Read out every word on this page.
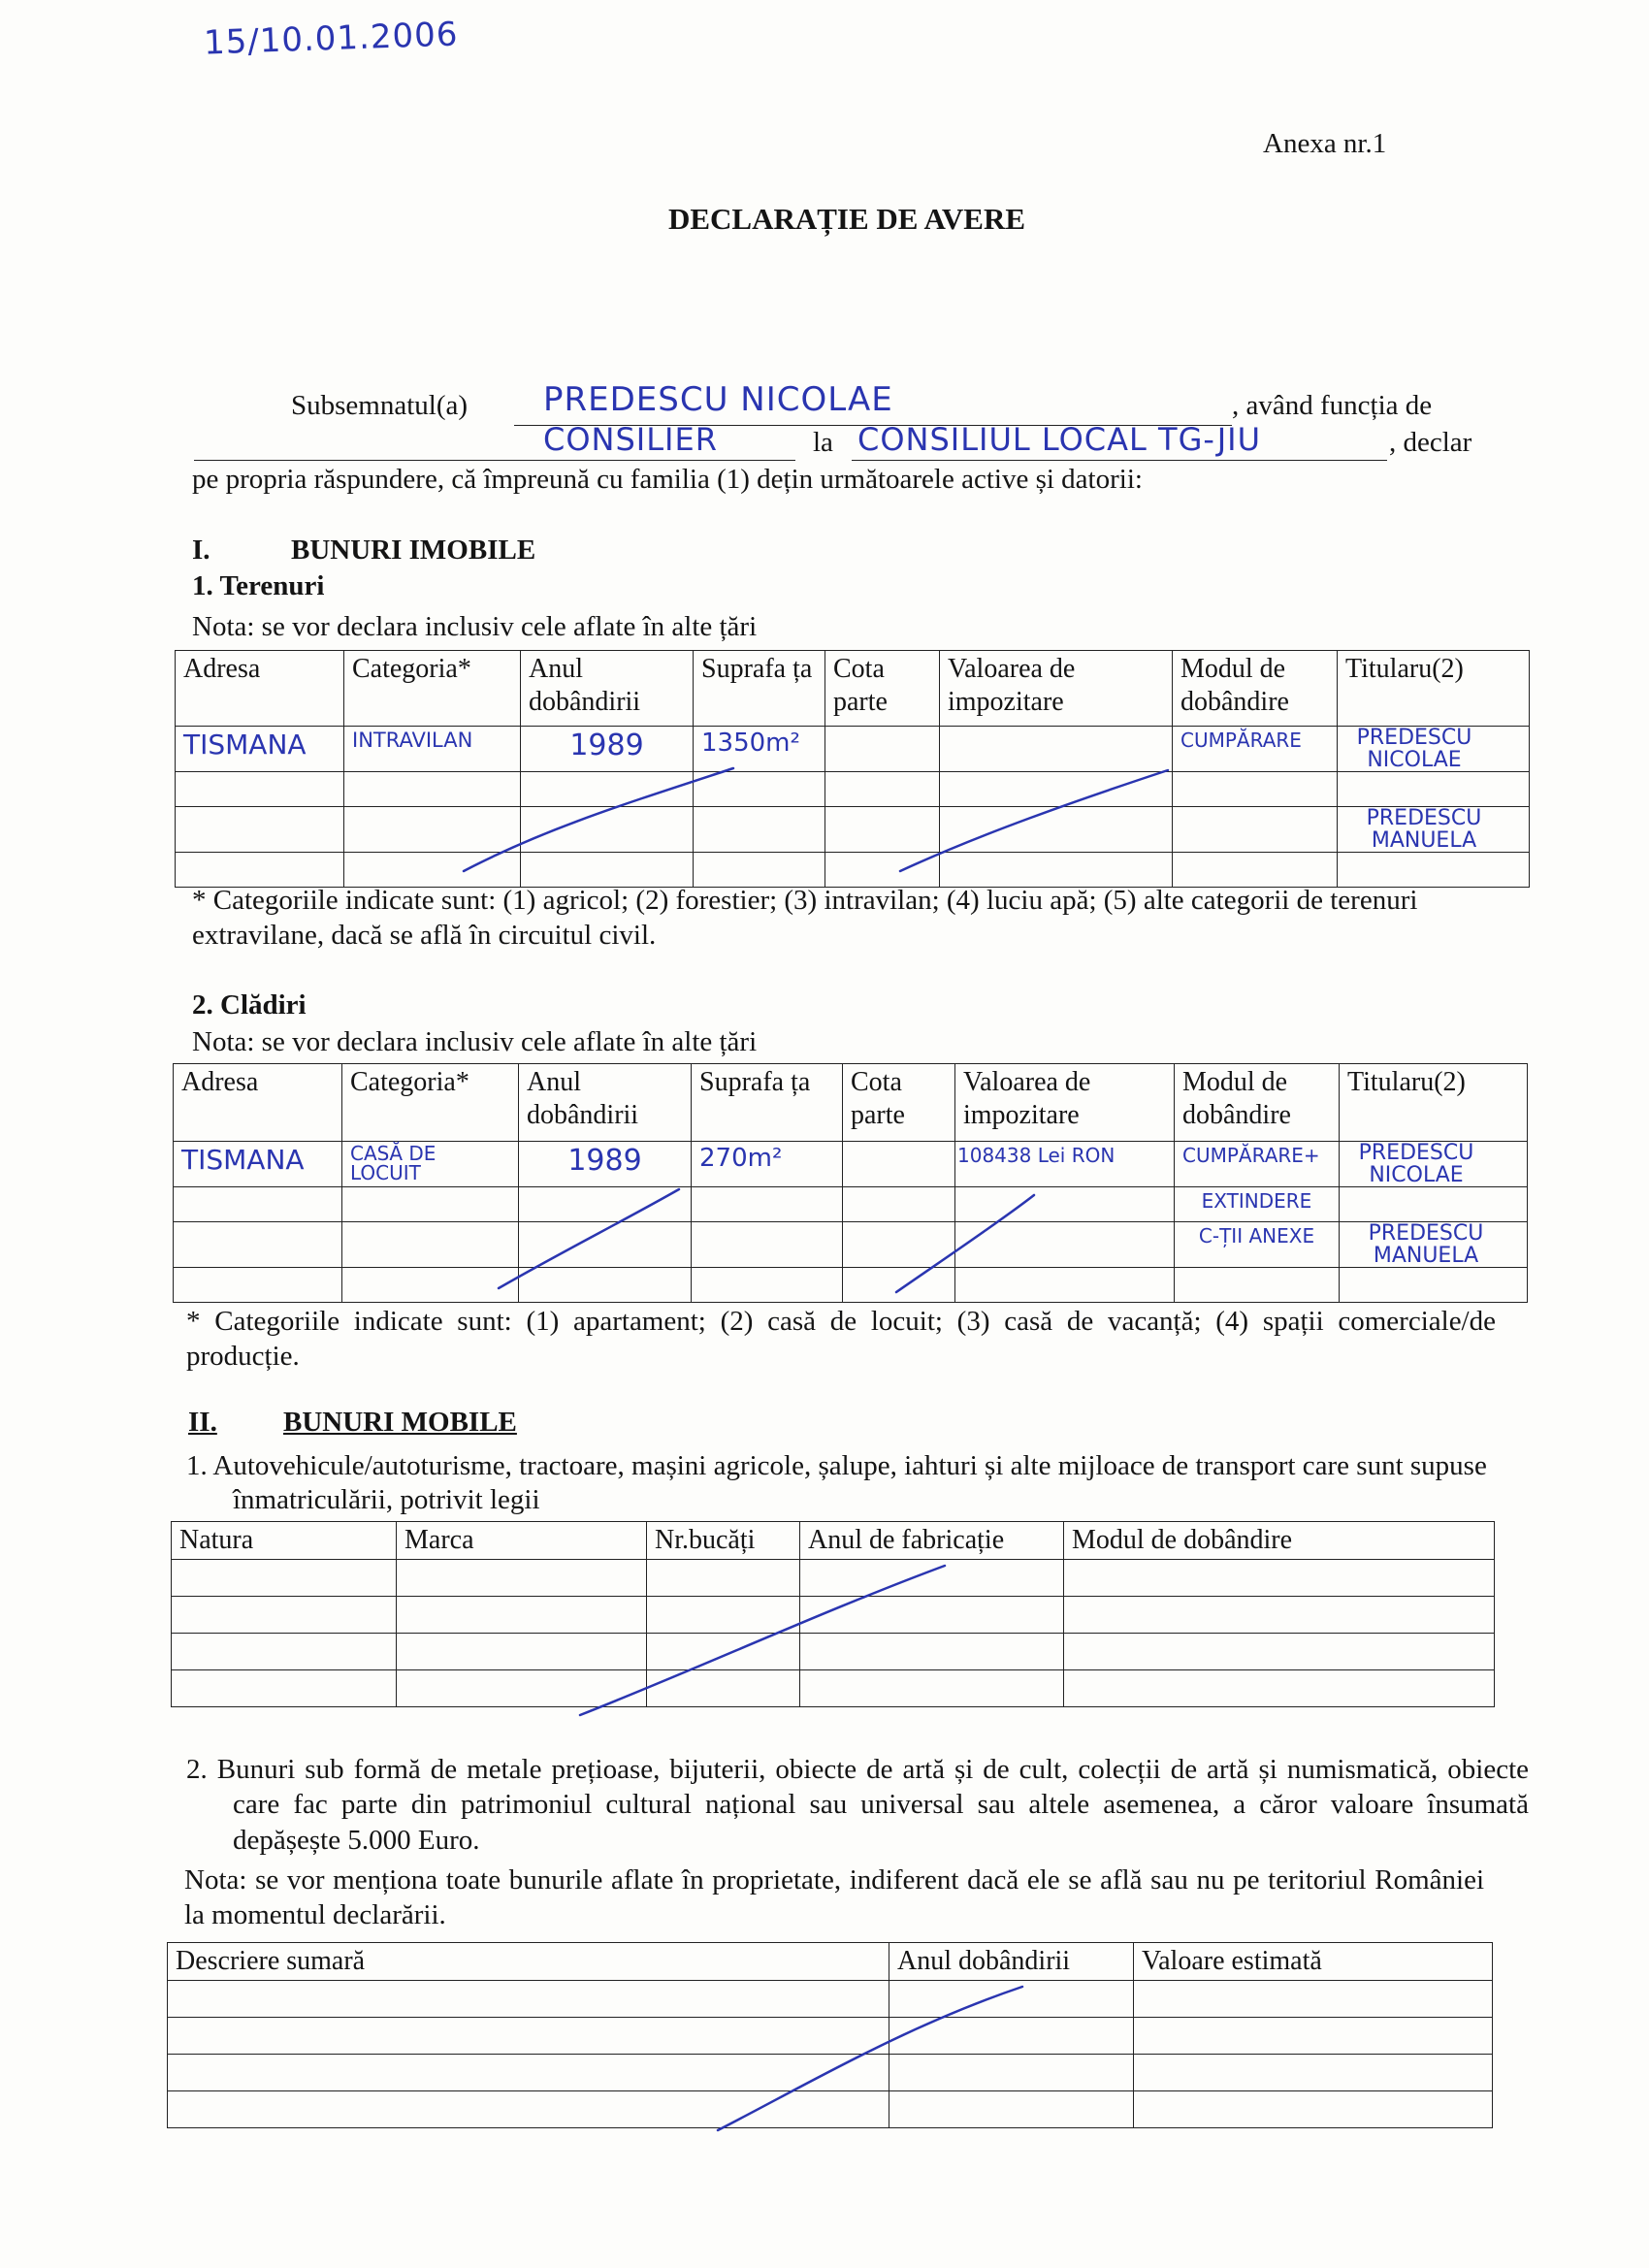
15/10.01.2006
Anexa nr.1
DECLARAȚIE DE AVERE
Subsemnatul(a) PREDESCU NICOLAE	, având funcția de
CONSILIER	la CONSILIUL LOCAL TG-JIU	, declar
pe propria răspundere, că împreună cu familia (1) dețin următoarele active și datorii:
I.	BUNURI IMOBILE
1. Terenuri
Nota: se vor declara inclusiv cele aflate în alte țări
Adresa	Categoria*	Anul dobândirii	Suprafa ța	Cota parte	Valoarea de impozitare	Modul de dobândire	Titularu(2)
TISMANA	INTRAVILAN	1989	1350m²			CUMPĂRARE	PREDESCU NICOLAE

							PREDESCU MANUELA

* Categoriile indicate sunt: (1) agricol; (2) forestier; (3) intravilan; (4) luciu apă; (5) alte categorii de terenuri extravilane, dacă se află în circuitul civil.
2. Clădiri
Nota: se vor declara inclusiv cele aflate în alte țări
Adresa	Categoria*	Anul dobândirii	Suprafa ța	Cota parte	Valoarea de impozitare	Modul de dobândire	Titularu(2)
TISMANA	CASĂ DE LOCUIT	1989	270m²		108438 Lei RON	CUMPĂRARE+	PREDESCU NICOLAE

						EXTINDERE	
						C-ȚII ANEXE	PREDESCU MANUELA

* Categoriile indicate sunt: (1) apartament; (2) casă de locuit; (3) casă de vacanță; (4) spații comerciale/de producție.
II. BUNURI MOBILE
1. Autovehicule/autoturisme, tractoare, mașini agricole, șalupe, iahturi și alte mijloace de transport care sunt supuse înmatriculării, potrivit legii
Natura	Marca	Nr.bucăți	Anul de fabricație	Modul de dobândire

2. Bunuri sub formă de metale prețioase, bijuterii, obiecte de artă și de cult, colecții de artă și numismatică, obiecte care fac parte din patrimoniul cultural național sau universal sau altele asemenea, a căror valoare însumată depășește 5.000 Euro.
Nota: se vor menționa toate bunurile aflate în proprietate, indiferent dacă ele se află sau nu pe teritoriul României la momentul declarării.
Descriere sumară	Anul dobândirii	Valoare estimată
